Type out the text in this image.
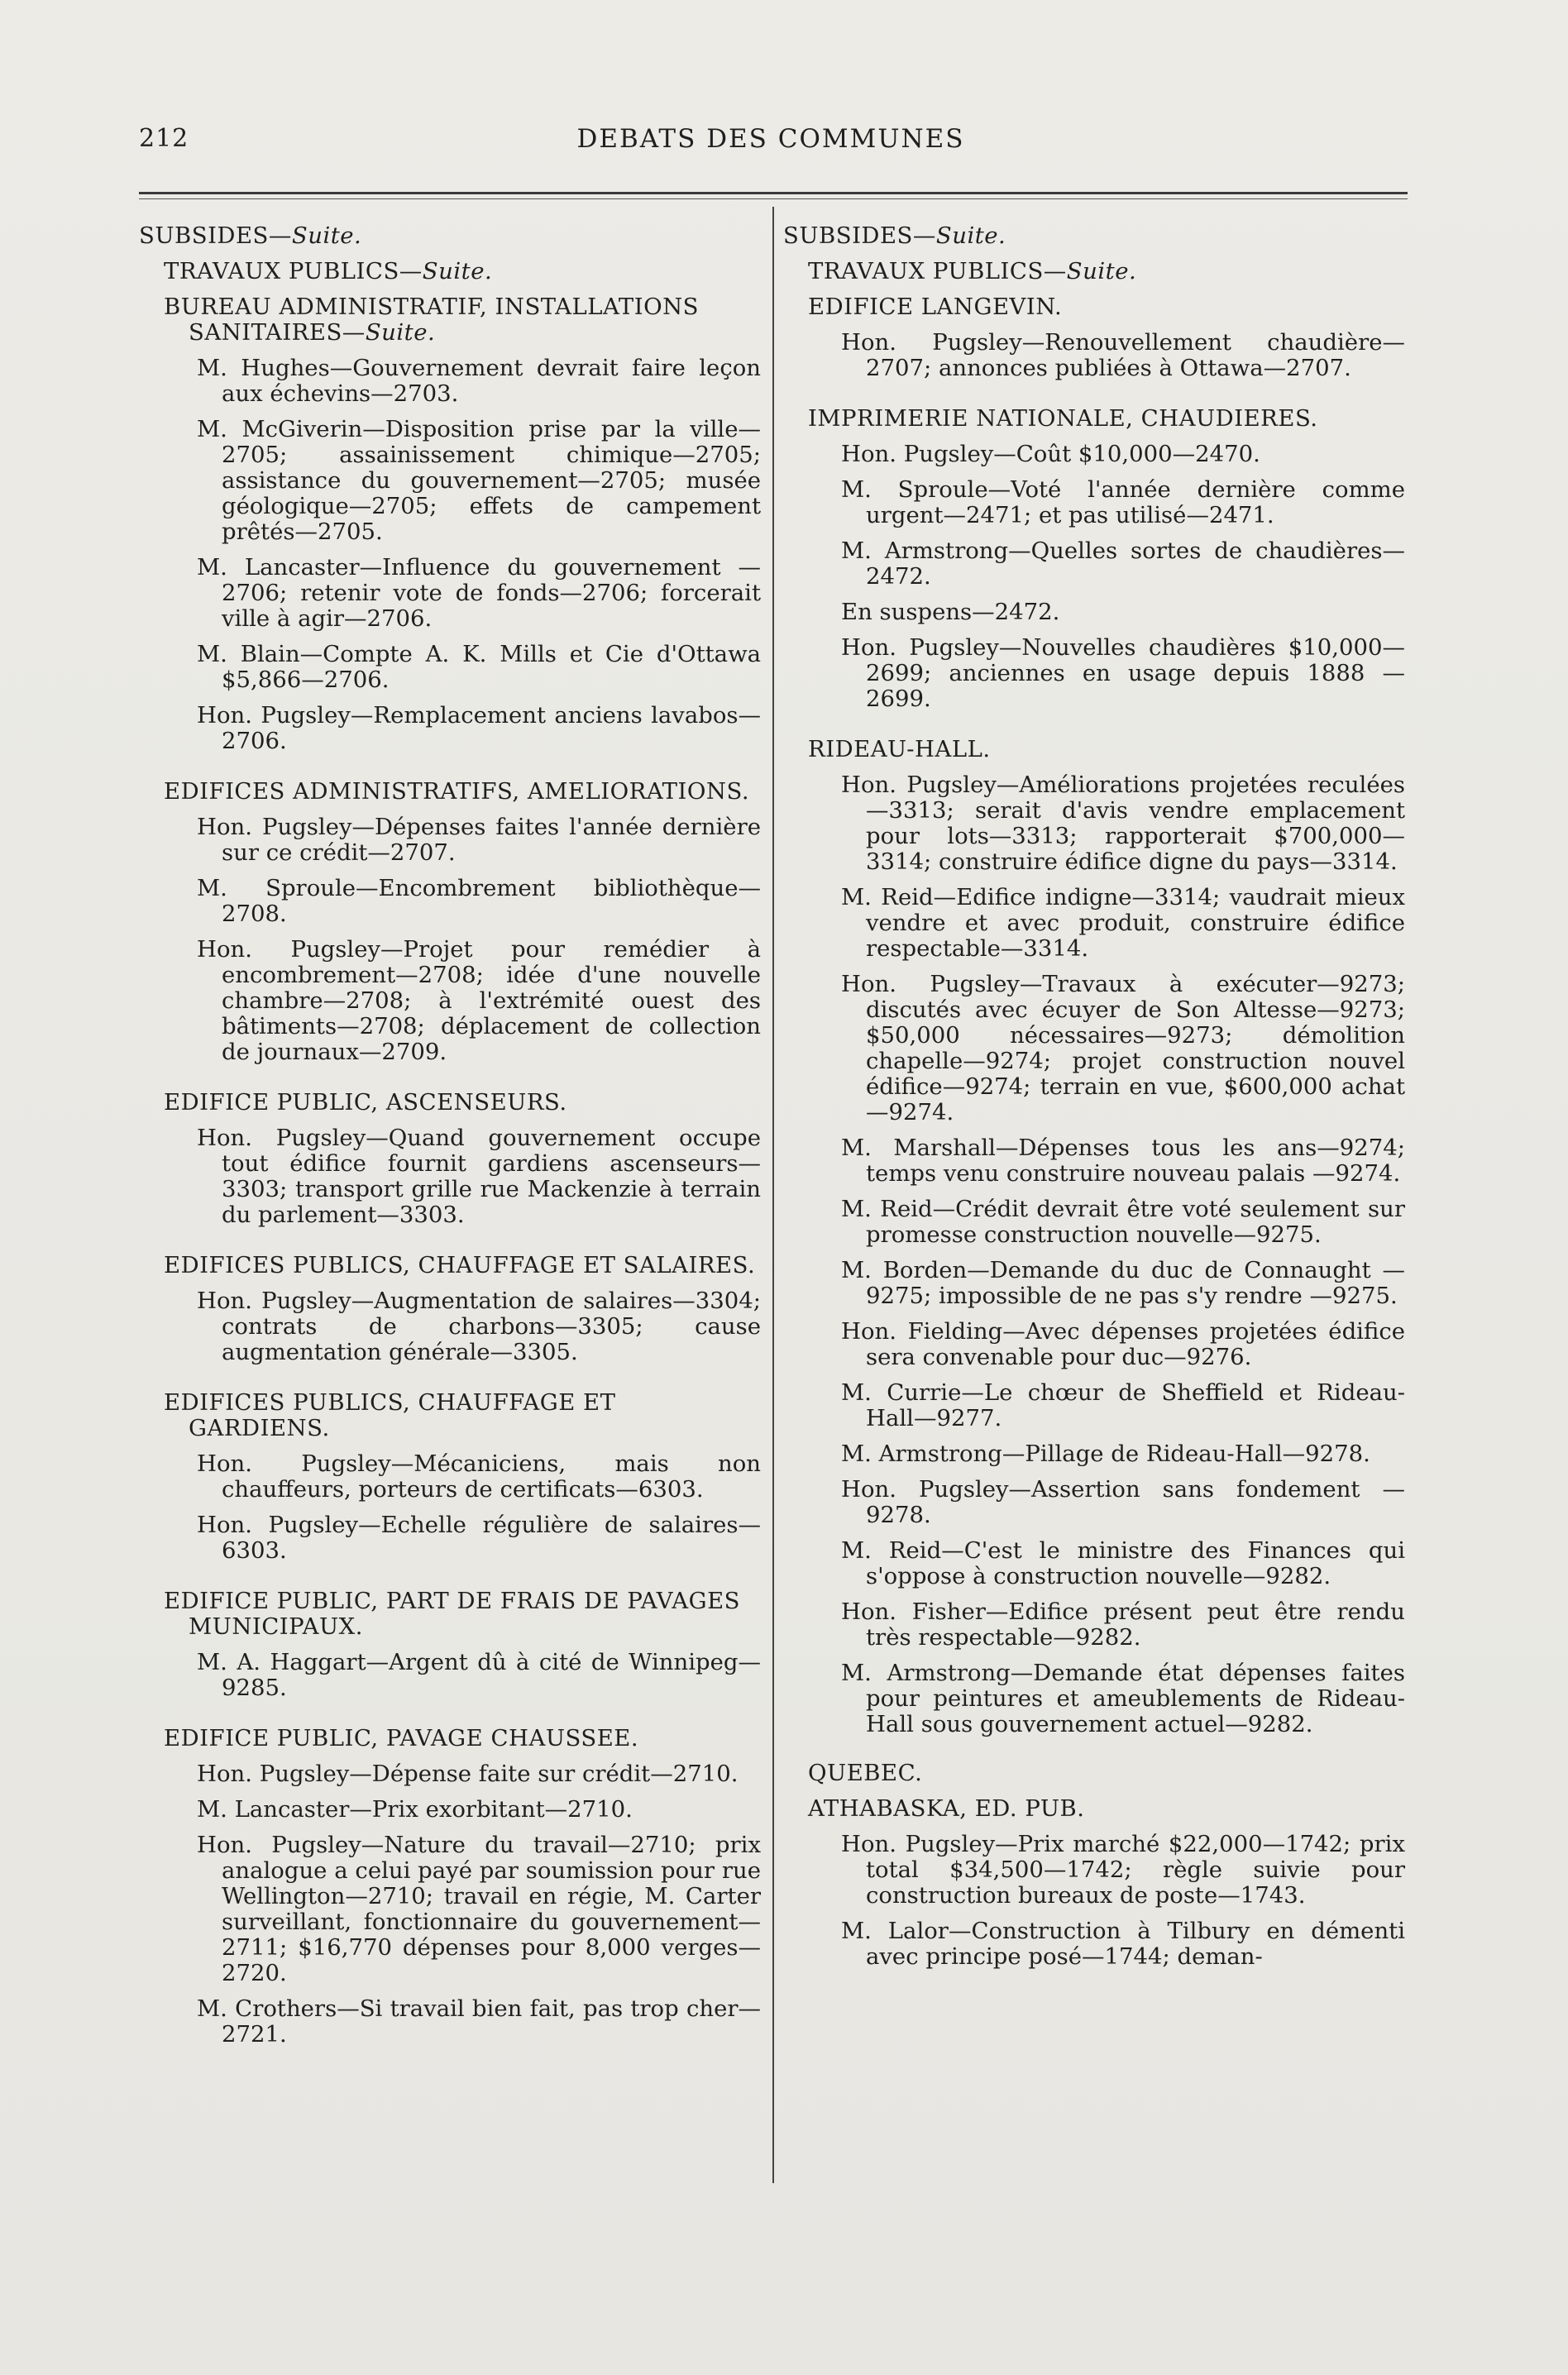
212	DEBATS DES COMMUNES

SUBSIDES—Suite.

TRAVAUX PUBLICS—Suite.

BUREAU ADMINISTRATIF, INSTALLATIONS SANITAIRES—Suite.

M. Hughes—Gouvernement devrait faire leçon aux échevins—2703.

M. McGiverin—Disposition prise par la ville—2705; assainissement chimique—2705; assistance du gouvernement—2705; musée géologique—2705; effets de campement prêtés—2705.

M. Lancaster—Influence du gouvernement —2706; retenir vote de fonds—2706; forcerait ville à agir—2706.

M. Blain—Compte A. K. Mills et Cie d'Ottawa $5,866—2706.

Hon. Pugsley—Remplacement anciens lavabos—2706.

EDIFICES ADMINISTRATIFS, AMELIORATIONS.

Hon. Pugsley—Dépenses faites l'année dernière sur ce crédit—2707.

M. Sproule—Encombrement bibliothèque—2708.

Hon. Pugsley—Projet pour remédier à encombrement—2708; idée d'une nouvelle chambre—2708; à l'extrémité ouest des bâtiments—2708; déplacement de collection de journaux—2709.

EDIFICE PUBLIC, ASCENSEURS.

Hon. Pugsley—Quand gouvernement occupe tout édifice fournit gardiens ascenseurs—3303; transport grille rue Mackenzie à terrain du parlement—3303.

EDIFICES PUBLICS, CHAUFFAGE ET SALAIRES.

Hon. Pugsley—Augmentation de salaires—3304; contrats de charbons—3305; cause augmentation générale—3305.

EDIFICES PUBLICS, CHAUFFAGE ET GARDIENS.

Hon. Pugsley—Mécaniciens, mais non chauffeurs, porteurs de certificats—6303.

Hon. Pugsley—Echelle régulière de salaires—6303.

EDIFICE PUBLIC, PART DE FRAIS DE PAVAGES MUNICIPAUX.

M. A. Haggart—Argent dû à cité de Winnipeg—9285.

EDIFICE PUBLIC, PAVAGE CHAUSSEE.

Hon. Pugsley—Dépense faite sur crédit—2710.

M. Lancaster—Prix exorbitant—2710.

Hon. Pugsley—Nature du travail—2710; prix analogue a celui payé par soumission pour rue Wellington—2710; travail en régie, M. Carter surveillant, fonctionnaire du gouvernement—2711; $16,770 dépenses pour 8,000 verges—2720.

M. Crothers—Si travail bien fait, pas trop cher—2721.

SUBSIDES—Suite.

TRAVAUX PUBLICS—Suite.

EDIFICE LANGEVIN.

Hon. Pugsley—Renouvellement chaudière—2707; annonces publiées à Ottawa—2707.

IMPRIMERIE NATIONALE, CHAUDIERES.

Hon. Pugsley—Coût $10,000—2470.

M. Sproule—Voté l'année dernière comme urgent—2471; et pas utilisé—2471.

M. Armstrong—Quelles sortes de chaudières—2472.

En suspens—2472.

Hon. Pugsley—Nouvelles chaudières $10,000—2699; anciennes en usage depuis 1888 —2699.

RIDEAU-HALL.

Hon. Pugsley—Améliorations projetées reculées—3313; serait d'avis vendre emplacement pour lots—3313; rapporterait $700,000—3314; construire édifice digne du pays—3314.

M. Reid—Edifice indigne—3314; vaudrait mieux vendre et avec produit, construire édifice respectable—3314.

Hon. Pugsley—Travaux à exécuter—9273; discutés avec écuyer de Son Altesse—9273; $50,000 nécessaires—9273; démolition chapelle—9274; projet construction nouvel édifice—9274; terrain en vue, $600,000 achat—9274.

M. Marshall—Dépenses tous les ans—9274; temps venu construire nouveau palais —9274.

M. Reid—Crédit devrait être voté seulement sur promesse construction nouvelle—9275.

M. Borden—Demande du duc de Connaught —9275; impossible de ne pas s'y rendre —9275.

Hon. Fielding—Avec dépenses projetées édifice sera convenable pour duc—9276.

M. Currie—Le chœur de Sheffield et Rideau-Hall—9277.

M. Armstrong—Pillage de Rideau-Hall—9278.

Hon. Pugsley—Assertion sans fondement —9278.

M. Reid—C'est le ministre des Finances qui s'oppose à construction nouvelle—9282.

Hon. Fisher—Edifice présent peut être rendu très respectable—9282.

M. Armstrong—Demande état dépenses faites pour peintures et ameublements de Rideau-Hall sous gouvernement actuel—9282.

QUEBEC.

ATHABASKA, ED. PUB.

Hon. Pugsley—Prix marché $22,000—1742; prix total $34,500—1742; règle suivie pour construction bureaux de poste—1743.

M. Lalor—Construction à Tilbury en démenti avec principe posé—1744; deman-
